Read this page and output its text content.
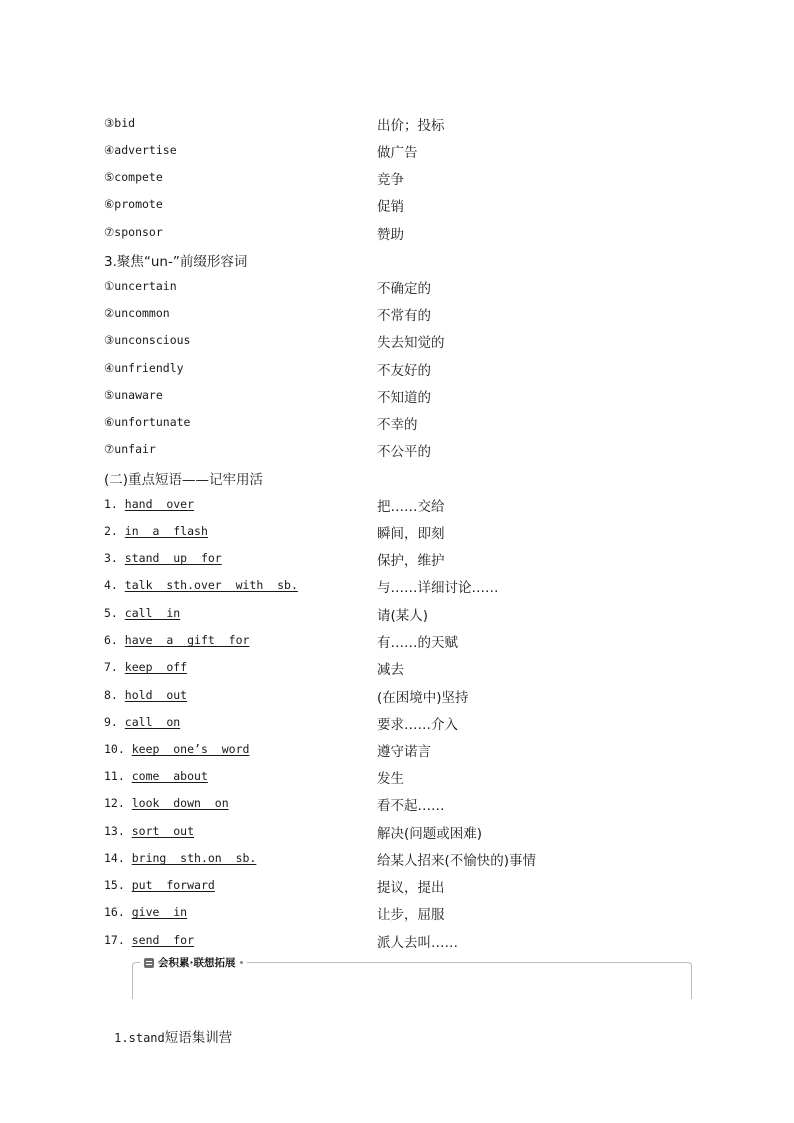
③bid	出价；投标
④advertise	做广告
⑤compete	竞争
⑥promote	促销
⑦sponsor	赞助
3.聚焦“un-”前缀形容词
①uncertain	不确定的
②uncommon	不常有的
③unconscious	失去知觉的
④unfriendly	不友好的
⑤unaware	不知道的
⑥unfortunate	不幸的
⑦unfair	不公平的
(二)重点短语——记牢用活
1. hand  over	把……交给
2. in  a  flash	瞬间，即刻
3. stand  up  for	保护，维护
4. talk  sth.over  with  sb.	与……详细讨论……
5. call  in	请(某人)
6. have  a  gift  for	有……的天赋
7. keep  off	减去
8. hold  out	(在困境中)坚持
9. call  on	要求……介入
10. keep  one’s  word	遵守诺言
11. come  about	发生
12. look  down  on	看不起……
13. sort  out	解决(问题或困难)
14. bring  sth.on  sb.	给某人招来(不愉快的)事情
15. put  forward	提议，提出
16. give  in	让步，屈服
17. send  for	派人去叫……
会积累·联想拓展

1.stand短语集训营
